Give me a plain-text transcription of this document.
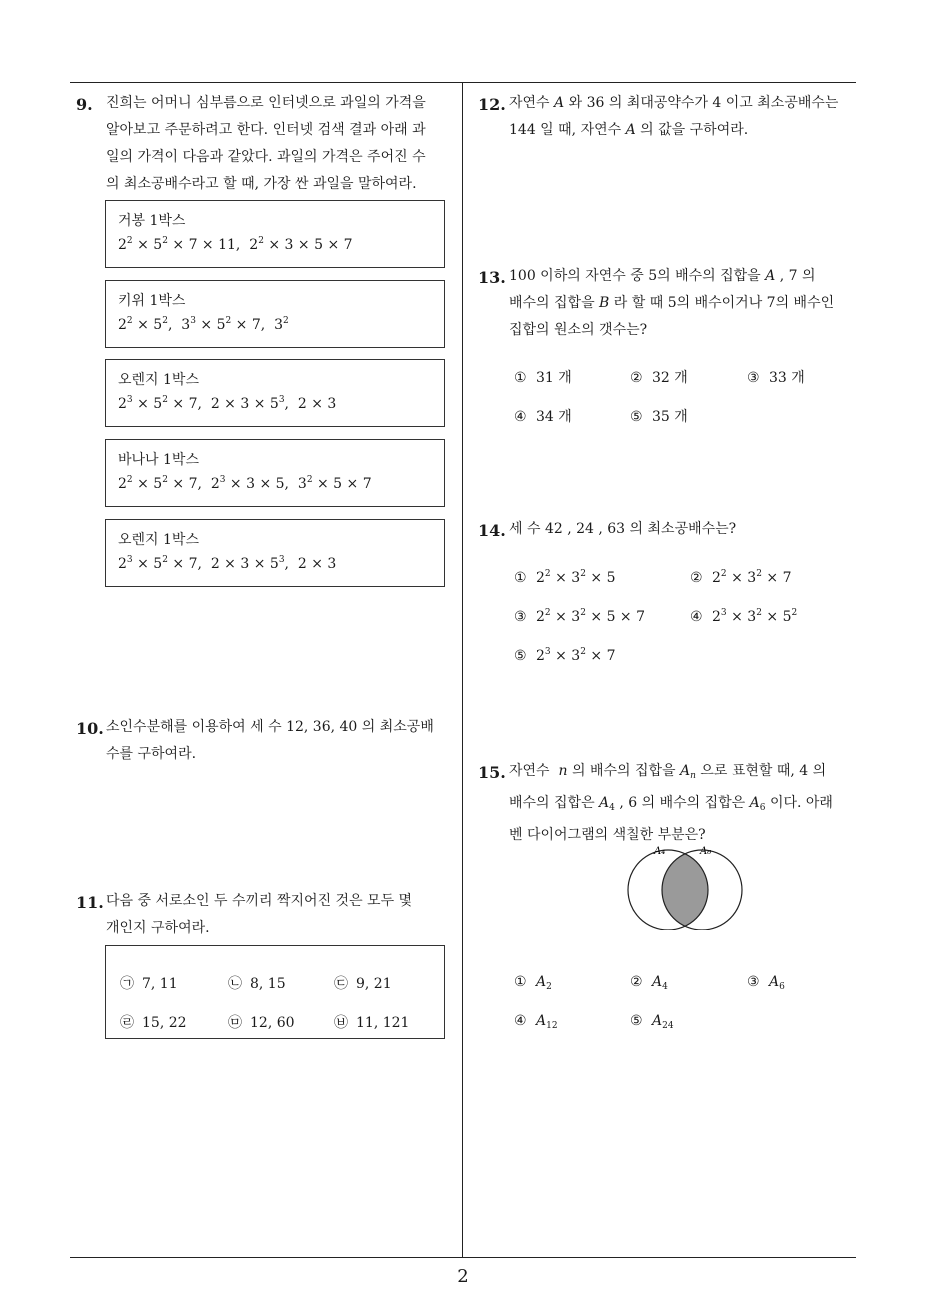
9. 진희는 어머니 심부름으로 인터넷으로 과일의 가격을
알아보고 주문하려고 한다. 인터넷 검색 결과 아래 과
일의 가격이 다음과 같았다. 과일의 가격은 주어진 수
의 최소공배수라고 할 때, 가장 싼 과일을 말하여라.
거봉 1박스
$2^2 \times 5^2 \times 7 \times 11$,  $2^2 \times 3 \times 5 \times 7$
키위 1박스
$2^2 \times 5^2$,  $3^3 \times 5^2 \times 7$,  $3^2$
오렌지 1박스
$2^3 \times 5^2 \times 7$,  $2 \times 3 \times 5^3$,  2 × 3
바나나 1박스
$2^2 \times 5^2 \times 7$,  $2^3 \times 3 \times 5$,  $3^2 \times 5 \times 7$
오렌지 1박스
$2^3 \times 5^2 \times 7$,  $2 \times 3 \times 5^3$,  2 × 3
10. 소인수분해를 이용하여 세 수 12, 36, 40 의 최소공배
수를 구하여라.
11. 다음 중 서로소인 두 수끼리 짝지어진 것은 모두 몇
개인지 구하여라.
㉠ 7, 11	㉡ 8, 15	㉢ 9, 21
㉣ 15, 22	㉤ 12, 60	㉥ 11, 121
12. 자연수 A 와 36 의 최대공약수가 4 이고 최소공배수는
144 일 때, 자연수 A 의 값을 구하여라.
13. 100 이하의 자연수 중 5의 배수의 집합을 A , 7 의
배수의 집합을 B 라 할 때 5의 배수이거나 7의 배수인
집합의 원소의 갯수는?
① 31 개	② 32 개	③ 33 개
④ 34 개	⑤ 35 개
14. 세 수 42 , 24 , 63 의 최소공배수는?
① $2^2 \times 3^2 \times 5$	② $2^2 \times 3^2 \times 7$
③ $2^2 \times 3^2 \times 5 \times 7$	④ $2^3 \times 3^2 \times 5^2$
⑤ $2^3 \times 3^2 \times 7$
15. 자연수  n 의 배수의 집합을 $A_n$ 으로 표현할 때, 4 의
배수의 집합은 $A_4$ , 6 의 배수의 집합은 $A_6$ 이다. 아래
벤 다이어그램의 색칠한 부분은?
A₄	A₆
① $A_2$	② $A_4$	③ $A_6$
④ $A_{12}$	⑤ $A_{24}$
2
